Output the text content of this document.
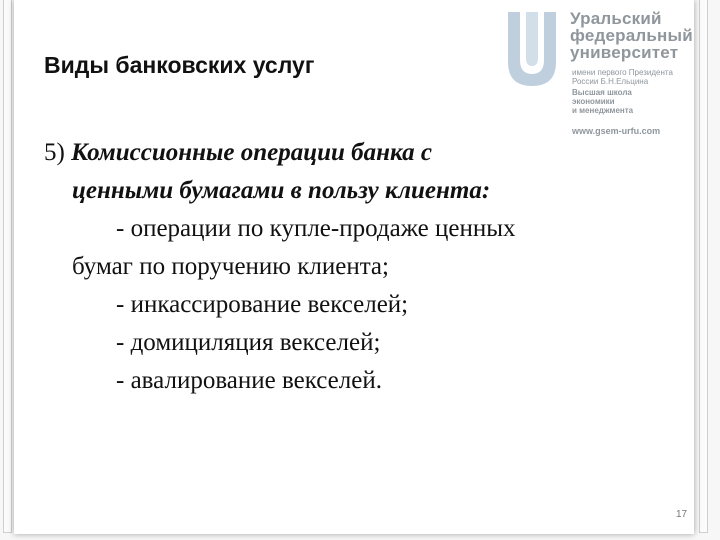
Уральский
федеральный
университет
имени первого Президента
России Б.Н.Ельцина
Высшая школа
экономики
и менеджмента
www.gsem-urfu.com
Виды банковских услуг
5) Комиссионные операции банка с
ценными бумагами в пользу клиента:
- операции по купле-продаже ценных
бумаг по поручению клиента;
- инкассирование векселей;
- домициляция векселей;
- авалирование векселей.
17
